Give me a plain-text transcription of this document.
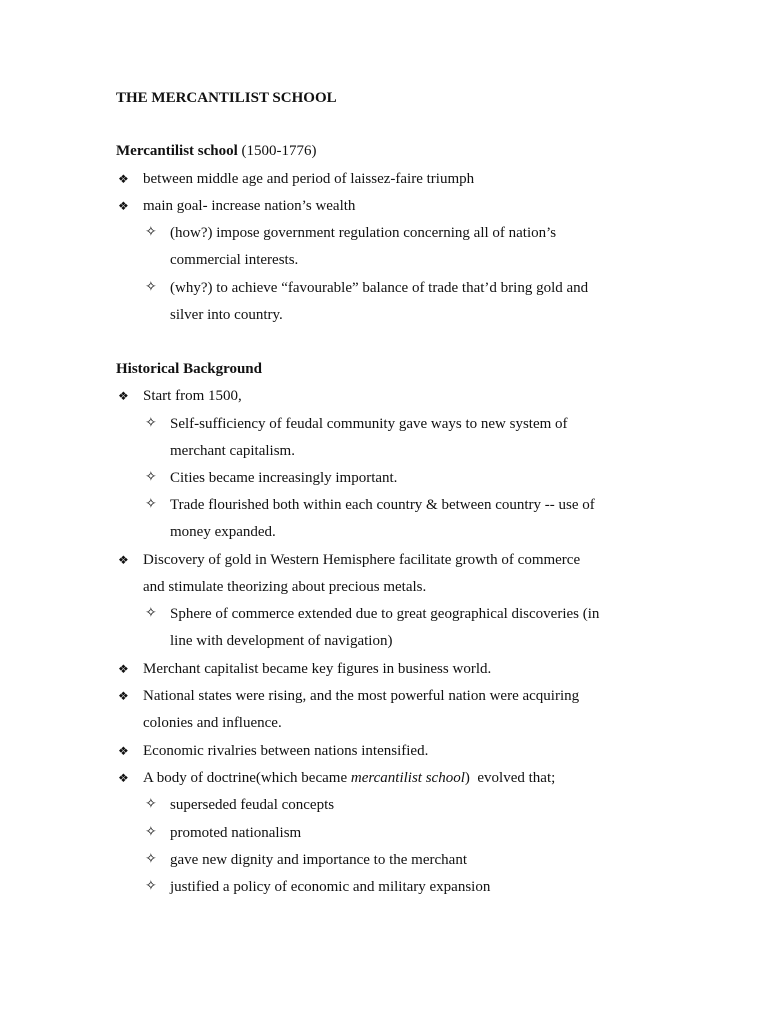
THE MERCANTILIST SCHOOL
Mercantilist school (1500-1776)
❖ between middle age and period of laissez-faire triumph
❖ main goal- increase nation’s wealth
✧ (how?) impose government regulation concerning all of nation’s
commercial interests.
✧ (why?) to achieve “favourable” balance of trade that’d bring gold and
silver into country.
Historical Background
❖ Start from 1500,
✧ Self-sufficiency of feudal community gave ways to new system of
merchant capitalism.
✧ Cities became increasingly important.
✧ Trade flourished both within each country & between country -- use of
money expanded.
❖ Discovery of gold in Western Hemisphere facilitate growth of commerce
and stimulate theorizing about precious metals.
✧ Sphere of commerce extended due to great geographical discoveries (in
line with development of navigation)
❖ Merchant capitalist became key figures in business world.
❖ National states were rising, and the most powerful nation were acquiring
colonies and influence.
❖ Economic rivalries between nations intensified.
❖ A body of doctrine(which became mercantilist school)  evolved that;
✧ superseded feudal concepts
✧ promoted nationalism
✧ gave new dignity and importance to the merchant
✧ justified a policy of economic and military expansion
